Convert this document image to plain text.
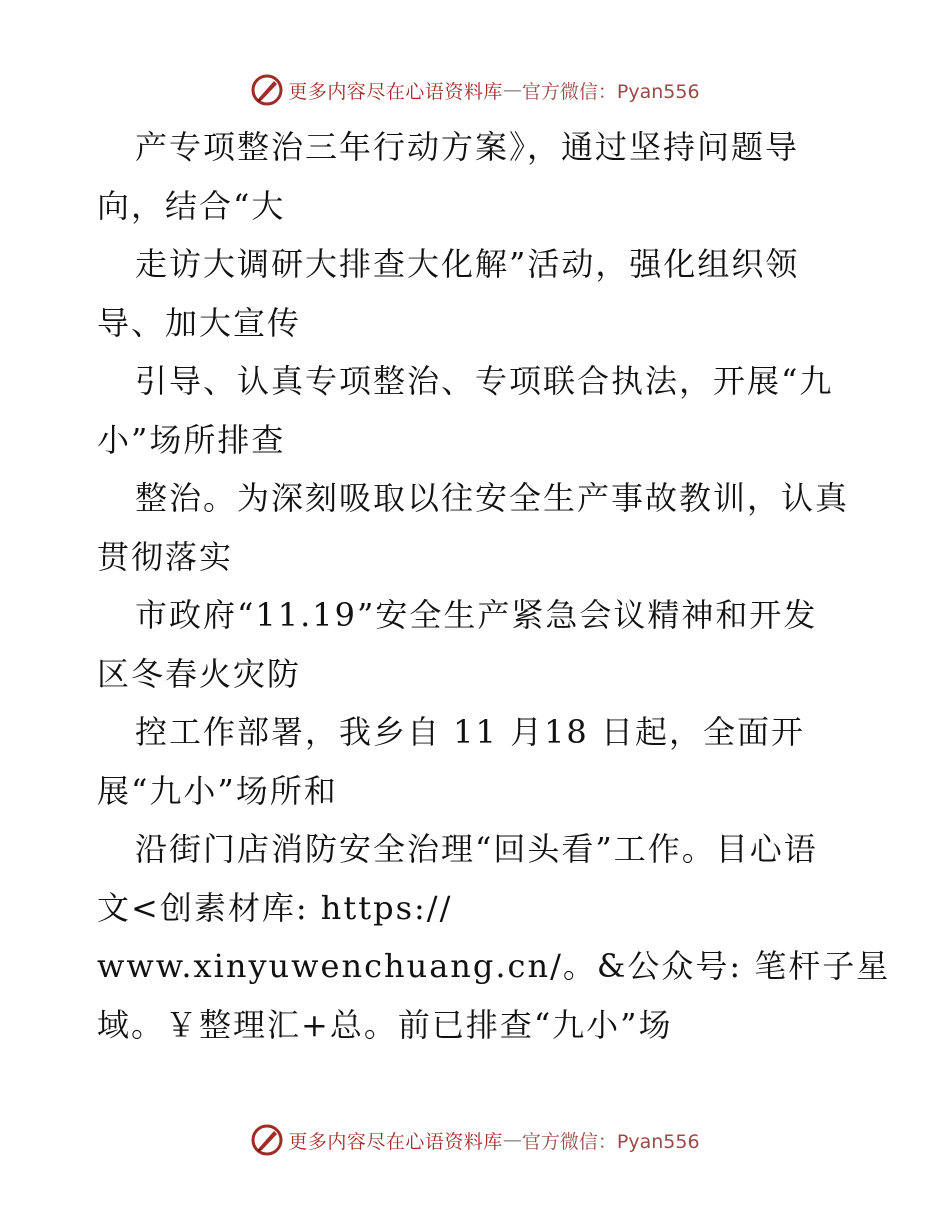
更多内容尽在心语资料库 — 官方微信：Pyan556
产专项整治三年行动方案》，通过坚持问题导
向，结合“大
走访大调研大排查大化解”活动，强化组织领
导、加大宣传
引导、认真专项整治、专项联合执法，开展“九
小”场所排查
整治。为深刻吸取以往安全生产事故教训，认真
贯彻落实
市政府“11.19”安全生产紧急会议精神和开发
区冬春火灾防
控工作部署，我乡自 11 月18 日起，全面开
展“九小”场所和
沿街门店消防安全治理“回头看”工作。目心语
文<创素材库: https://
www.xinyuwenchuang.cn/。&公众号: 笔杆子星
域。￥整理汇+总。前已排查“九小”场
更多内容尽在心语资料库 — 官方微信：Pyan556
